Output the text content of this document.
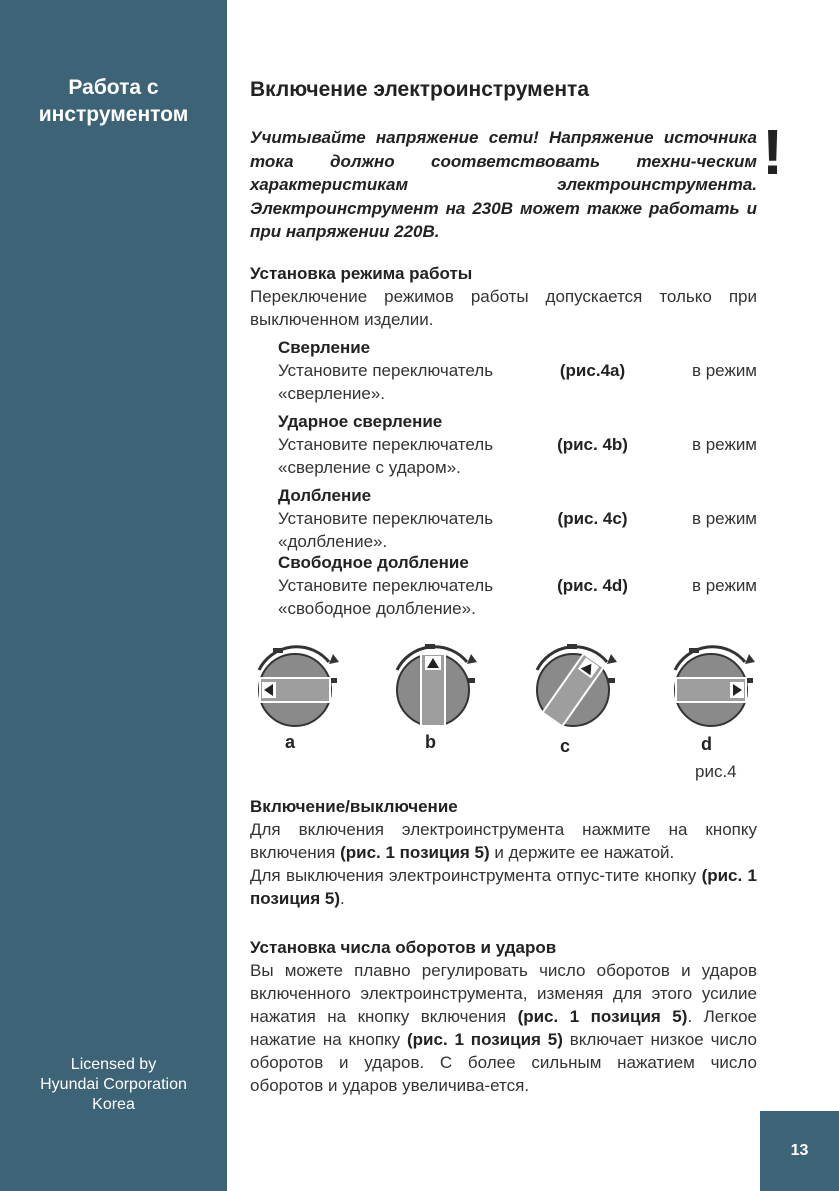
Работа с
инструментом
Licensed by
Hyundai Corporation
Korea
13
Включение электроинструмента
Учитывайте напряжение сети! Напряжение источника тока должно соответствовать техни-ческим характеристикам электроинструмента. Электроинструмент на 230В может также работать и при напряжении 220В.
!
Установка режима работы
Переключение режимов работы допускается только при выключенном изделии.
Сверление
Установите переключатель	(рис.4a)	в режим
«сверление».
Ударное сверление
Установите переключатель	(рис. 4b)	в режим
«сверление с ударом».
Долбление
Установите переключатель	(рис. 4c)	в режим
«долбление».
Свободное долбление
Установите переключатель	(рис. 4d)	в режим
«свободное долбление».
a	b	c	d
рис.4
Включение/выключение
Для включения электроинструмента нажмите на кнопку включения (рис. 1 позиция 5) и держите ее нажатой.
Для выключения электроинструмента отпус-тите кнопку (рис. 1 позиция 5).
Установка числа оборотов и ударов
Вы можете плавно регулировать число оборотов и ударов включенного электроинструмента, изменяя для этого усилие нажатия на кнопку включения (рис. 1 позиция 5). Легкое нажатие на кнопку (рис. 1 позиция 5) включает низкое число оборотов и ударов. С более сильным нажатием число оборотов и ударов увеличива-ется.
